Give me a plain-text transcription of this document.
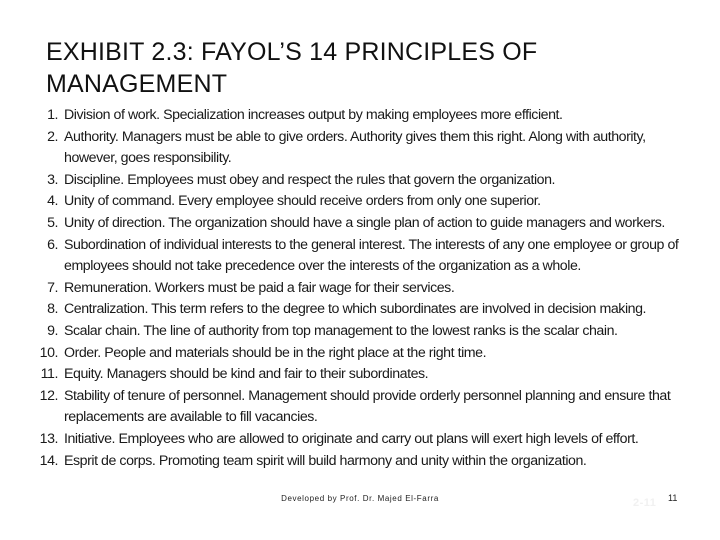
EXHIBIT 2.3: FAYOL’S 14 PRINCIPLES OF
MANAGEMENT
1. Division of work. Specialization increases output by making employees more efficient.
2. Authority. Managers must be able to give orders. Authority gives them this right. Along with authority, however, goes responsibility.
3. Discipline. Employees must obey and respect the rules that govern the organization.
4. Unity of command. Every employee should receive orders from only one superior.
5. Unity of direction. The organization should have a single plan of action to guide managers and workers.
6. Subordination of individual interests to the general interest. The interests of any one employee or group of employees should not take precedence over the interests of the organization as a whole.
7. Remuneration. Workers must be paid a fair wage for their services.
8. Centralization. This term refers to the degree to which subordinates are involved in decision making.
9. Scalar chain. The line of authority from top management to the lowest ranks is the scalar chain.
10. Order. People and materials should be in the right place at the right time.
11. Equity. Managers should be kind and fair to their subordinates.
12. Stability of tenure of personnel. Management should provide orderly personnel planning and ensure that replacements are available to fill vacancies.
13. Initiative. Employees who are allowed to originate and carry out plans will exert high levels of effort.
14. Esprit de corps. Promoting team spirit will build harmony and unity within the organization.
Developed by Prof. Dr. Majed El-Farra	2-11 11
